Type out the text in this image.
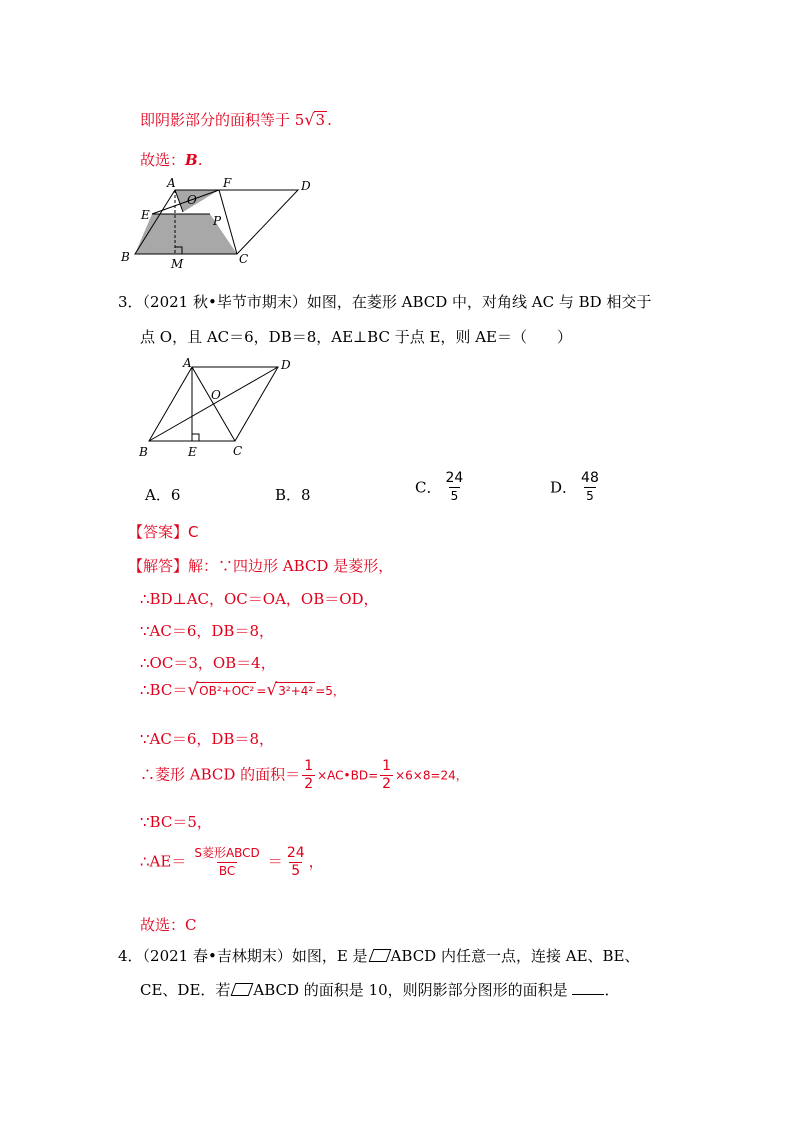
即阴影部分的面积等于 5√3 .
故选：B.
A	F	D
O
E	P
B	M	C
3．（2021 秋•毕节市期末）如图，在菱形 ABCD 中，对角线 AC 与 BD 相交于
点 O，且 AC＝6，DB＝8，AE⊥BC 于点 E，则 AE＝（　　）
A	D
O
B	E	C
A．6	B．8	C． $\frac{24}{5}$	D． $\frac{48}{5}$
【答案】C
【解答】解：∵四边形 ABCD 是菱形，
∴BD⊥AC，OC＝OA，OB＝OD，
∵AC＝6，DB＝8，
∴OC＝3，OB＝4，
∴BC＝√OB²+OC² =√3²+4² =5，
∵AC＝6，DB＝8，
∴菱形 ABCD 的面积＝ $\frac{1}{2}$ ×AC•BD= $\frac{1}{2} \times 6\times 8=24$，
∵BC＝5，
∴AE＝ $\frac{\text{S菱形ABCD}}{BC} = \frac{24}{5}$ ，
故选：C
4．（2021 春•吉林期末）如图，E 是 ABCD 内任意一点，连接 AE、BE、
CE、DE．若 ABCD 的面积是 10，则阴影部分图形的面积是 ．
